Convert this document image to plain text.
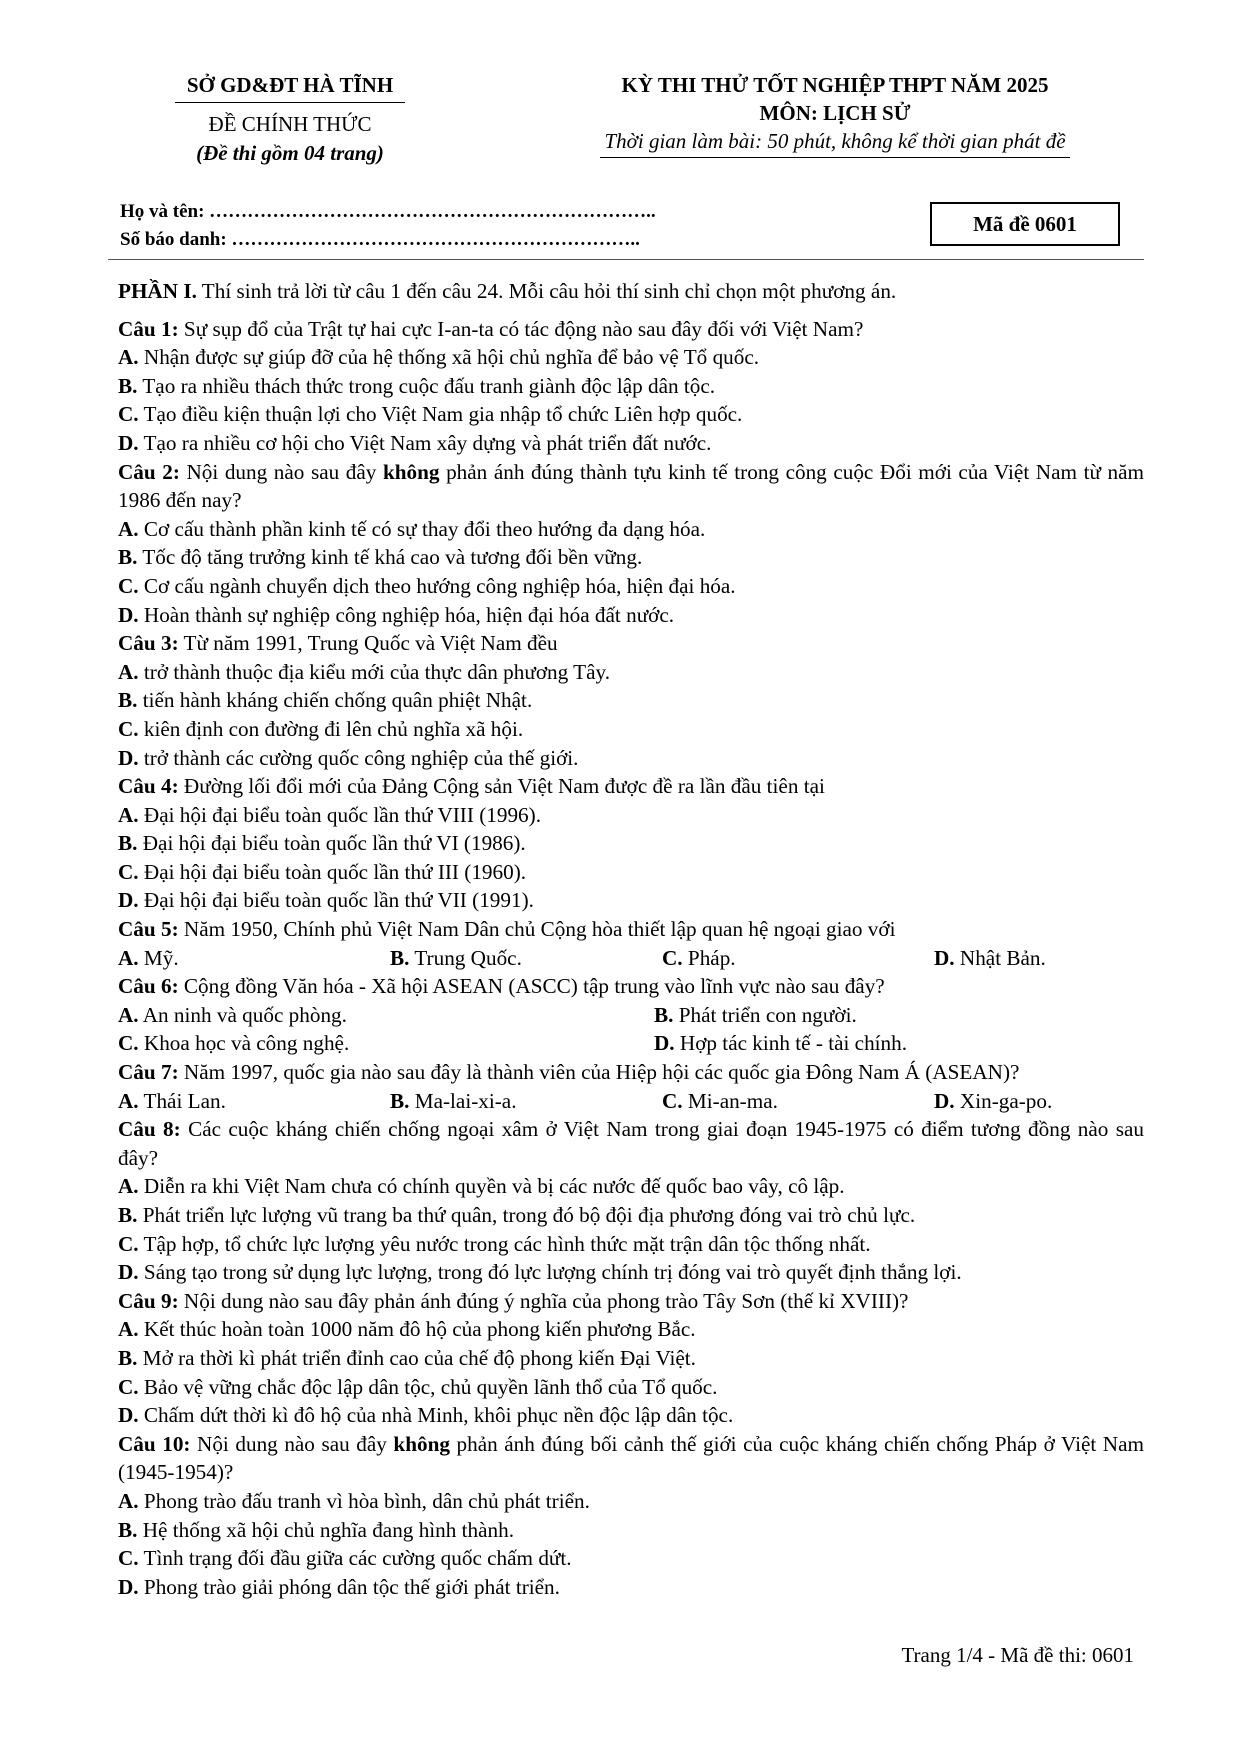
SỞ GD&ĐT HÀ TĨNH
ĐỀ CHÍNH THỨC
(Đề thi gồm 04 trang)
KỲ THI THỬ TỐT NGHIỆP THPT NĂM 2025
MÔN: LỊCH SỬ
Thời gian làm bài: 50 phút, không kể thời gian phát đề
Họ và tên: ……………………………………………………………..
Số báo danh: ………………………………………………………..
Mã đề 0601

PHẦN I. Thí sinh trả lời từ câu 1 đến câu 24. Mỗi câu hỏi thí sinh chỉ chọn một phương án.

Câu 1: Sự sụp đổ của Trật tự hai cực I-an-ta có tác động nào sau đây đối với Việt Nam?

A. Nhận được sự giúp đỡ của hệ thống xã hội chủ nghĩa để bảo vệ Tổ quốc.

B. Tạo ra nhiều thách thức trong cuộc đấu tranh giành độc lập dân tộc.

C. Tạo điều kiện thuận lợi cho Việt Nam gia nhập tổ chức Liên hợp quốc.

D. Tạo ra nhiều cơ hội cho Việt Nam xây dựng và phát triển đất nước.

Câu 2: Nội dung nào sau đây không phản ánh đúng thành tựu kinh tế trong công cuộc Đổi mới của Việt Nam từ năm 1986 đến nay?

A. Cơ cấu thành phần kinh tế có sự thay đổi theo hướng đa dạng hóa.

B. Tốc độ tăng trưởng kinh tế khá cao và tương đối bền vững.

C. Cơ cấu ngành chuyển dịch theo hướng công nghiệp hóa, hiện đại hóa.

D. Hoàn thành sự nghiệp công nghiệp hóa, hiện đại hóa đất nước.

Câu 3: Từ năm 1991, Trung Quốc và Việt Nam đều

A. trở thành thuộc địa kiểu mới của thực dân phương Tây.

B. tiến hành kháng chiến chống quân phiệt Nhật.

C. kiên định con đường đi lên chủ nghĩa xã hội.

D. trở thành các cường quốc công nghiệp của thế giới.

Câu 4: Đường lối đổi mới của Đảng Cộng sản Việt Nam được đề ra lần đầu tiên tại

A. Đại hội đại biểu toàn quốc lần thứ VIII (1996).

B. Đại hội đại biểu toàn quốc lần thứ VI (1986).

C. Đại hội đại biểu toàn quốc lần thứ III (1960).

D. Đại hội đại biểu toàn quốc lần thứ VII (1991).

Câu 5: Năm 1950, Chính phủ Việt Nam Dân chủ Cộng hòa thiết lập quan hệ ngoại giao với

A. Mỹ.	B. Trung Quốc.	C. Pháp.	D. Nhật Bản.

Câu 6: Cộng đồng Văn hóa - Xã hội ASEAN (ASCC) tập trung vào lĩnh vực nào sau đây?

A. An ninh và quốc phòng.	B. Phát triển con người.

C. Khoa học và công nghệ.	D. Hợp tác kinh tế - tài chính.

Câu 7: Năm 1997, quốc gia nào sau đây là thành viên của Hiệp hội các quốc gia Đông Nam Á (ASEAN)?

A. Thái Lan.	B. Ma-lai-xi-a.	C. Mi-an-ma.	D. Xin-ga-po.

Câu 8: Các cuộc kháng chiến chống ngoại xâm ở Việt Nam trong giai đoạn 1945-1975 có điểm tương đồng nào sau đây?

A. Diễn ra khi Việt Nam chưa có chính quyền và bị các nước đế quốc bao vây, cô lập.

B. Phát triển lực lượng vũ trang ba thứ quân, trong đó bộ đội địa phương đóng vai trò chủ lực.

C. Tập hợp, tổ chức lực lượng yêu nước trong các hình thức mặt trận dân tộc thống nhất.

D. Sáng tạo trong sử dụng lực lượng, trong đó lực lượng chính trị đóng vai trò quyết định thắng lợi.

Câu 9: Nội dung nào sau đây phản ánh đúng ý nghĩa của phong trào Tây Sơn (thế kỉ XVIII)?

A. Kết thúc hoàn toàn 1000 năm đô hộ của phong kiến phương Bắc.

B. Mở ra thời kì phát triển đỉnh cao của chế độ phong kiến Đại Việt.

C. Bảo vệ vững chắc độc lập dân tộc, chủ quyền lãnh thổ của Tổ quốc.

D. Chấm dứt thời kì đô hộ của nhà Minh, khôi phục nền độc lập dân tộc.

Câu 10: Nội dung nào sau đây không phản ánh đúng bối cảnh thế giới của cuộc kháng chiến chống Pháp ở Việt Nam (1945-1954)?

A. Phong trào đấu tranh vì hòa bình, dân chủ phát triển.

B. Hệ thống xã hội chủ nghĩa đang hình thành.

C. Tình trạng đối đầu giữa các cường quốc chấm dứt.

D. Phong trào giải phóng dân tộc thế giới phát triển.

Trang 1/4 - Mã đề thi: 0601
